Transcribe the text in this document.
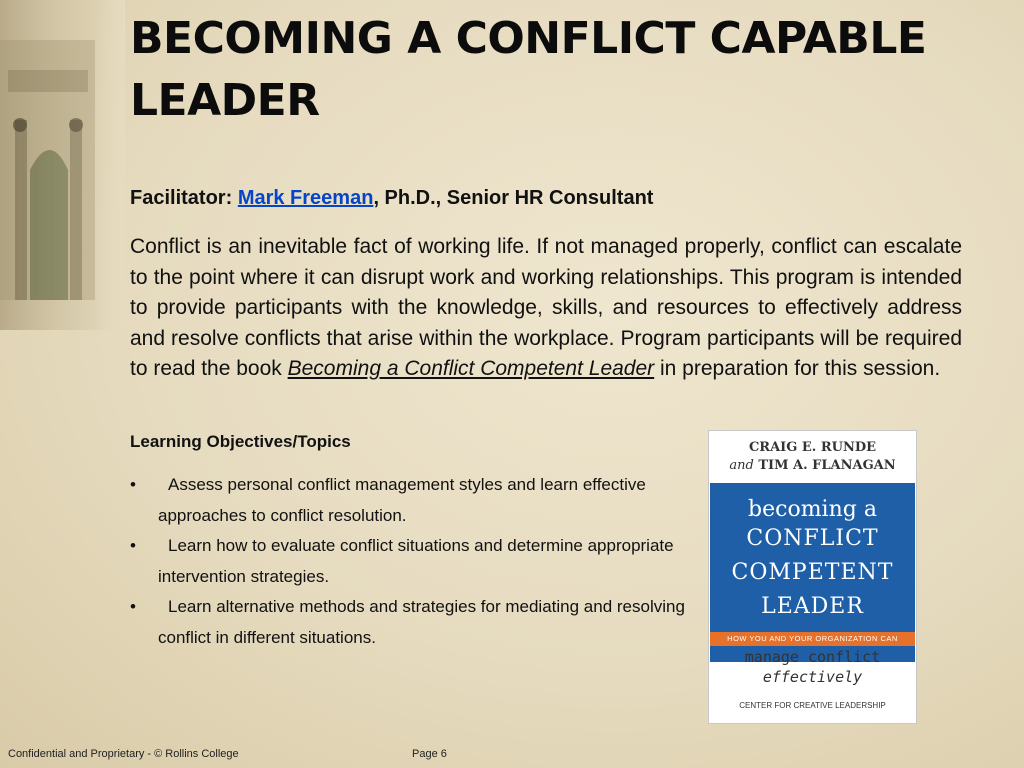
BECOMING A CONFLICT CAPABLE LEADER
Facilitator: Mark Freeman, Ph.D., Senior HR Consultant

Conflict is an inevitable fact of working life. If not managed properly, conflict can escalate to the point where it can disrupt work and working relationships. This program is intended to provide participants with the knowledge, skills, and resources to effectively address and resolve conflicts that arise within the workplace. Program participants will be required to read the book Becoming a Conflict Competent Leader in preparation for this session.

Learning Objectives/Topics
• Assess personal conflict management styles and learn effective approaches to conflict resolution.
• Learn how to evaluate conflict situations and determine appropriate intervention strategies.
• Learn alternative methods and strategies for mediating and resolving conflict in different situations.
CRAIG E. RUNDE
and TIM A. FLANAGAN
becoming a
CONFLICT
COMPETENT
LEADER
HOW YOU AND YOUR ORGANIZATION CAN
manage conflict
effectively
CENTER FOR CREATIVE LEADERSHIP
Confidential and Proprietary - © Rollins College	Page 6
